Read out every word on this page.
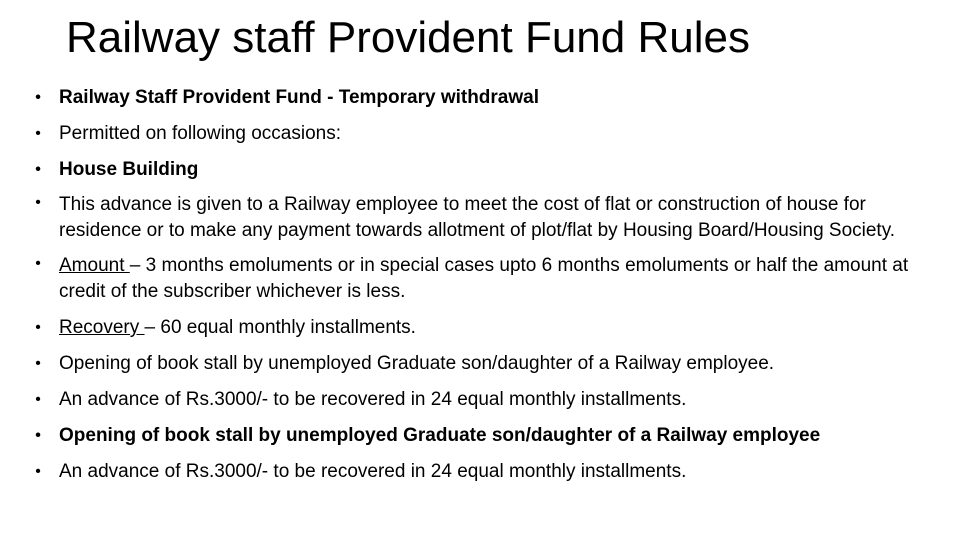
Railway staff Provident Fund Rules
• Railway Staff Provident Fund - Temporary withdrawal
• Permitted on following occasions:
• House Building
• This advance is given to a Railway employee to meet the cost of flat or construction of house for residence or to make any payment towards allotment of plot/flat by Housing Board/Housing Society.
• Amount – 3 months emoluments or in special cases upto 6 months emoluments or half the amount at credit of the subscriber whichever is less.
• Recovery – 60 equal monthly installments.
• Opening of book stall by unemployed Graduate son/daughter of a Railway employee.
• An advance of Rs.3000/- to be recovered in 24 equal monthly installments.
• Opening of book stall by unemployed Graduate son/daughter of a Railway employee
• An advance of Rs.3000/- to be recovered in 24 equal monthly installments.
